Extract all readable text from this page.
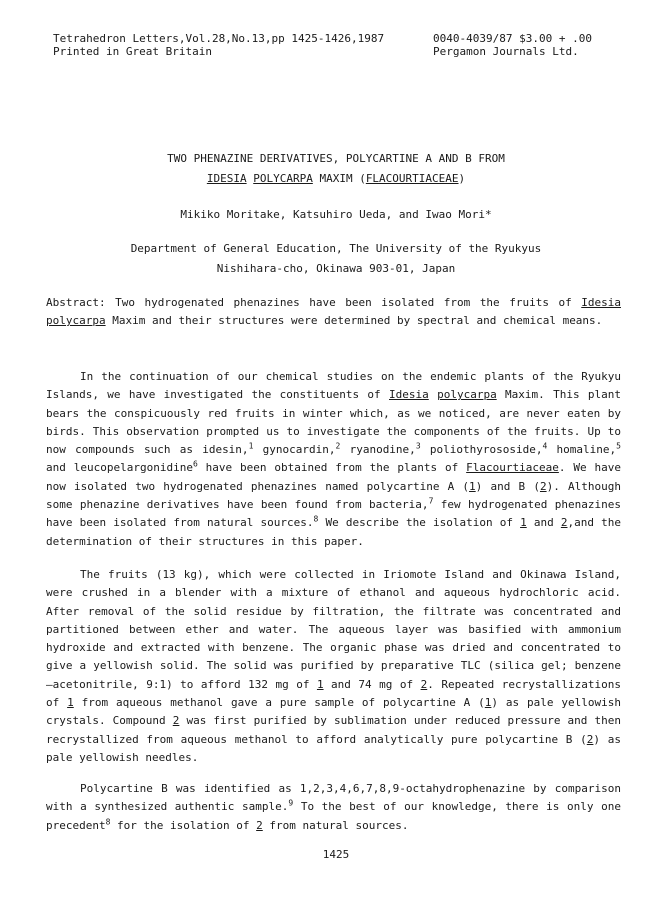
Tetrahedron Letters,Vol.28,No.13,pp 1425-1426,1987
Printed in Great Britain
0040-4039/87 $3.00 + .00
Pergamon Journals Ltd.
TWO PHENAZINE DERIVATIVES, POLYCARTINE A AND B FROM
IDESIA POLYCARPA MAXIM (FLACOURTIACEAE)
Mikiko Moritake, Katsuhiro Ueda, and Iwao Mori*
Department of General Education, The University of the Ryukyus
Nishihara-cho, Okinawa 903-01, Japan
Abstract: Two hydrogenated phenazines have been isolated from the fruits of Idesia polycarpa Maxim and their structures were determined by spectral and chemical means.
In the continuation of our chemical studies on the endemic plants of the Ryukyu Islands, we have investigated the constituents of Idesia polycarpa Maxim. This plant bears the conspicuously red fruits in winter which, as we noticed, are never eaten by birds. This observation prompted us to investigate the components of the fruits. Up to now compounds such as idesin,$^1$ gynocardin,$^2$ ryanodine,$^3$ poliothyrososide,$^4$ homaline,$^5$ and leucopelargonidine$^6$ have been obtained from the plants of Flacourtiaceae. We have now isolated two hydrogenated phenazines named polycartine A (1) and B (2). Although some phenazine derivatives have been found from bacteria,$^7$ few hydrogenated phenazines have been isolated from natural sources.$^8$ We describe the isolation of 1 and 2,and the determination of their structures in this paper.
The fruits (13 kg), which were collected in Iriomote Island and Okinawa Island, were crushed in a blender with a mixture of ethanol and aqueous hydrochloric acid. After removal of the solid residue by filtration, the filtrate was concentrated and partitioned between ether and water. The aqueous layer was basified with ammonium hydroxide and extracted with benzene. The organic phase was dried and concentrated to give a yellowish solid. The solid was purified by preparative TLC (silica gel; benzene—acetonitrile, 9:1) to afford 132 mg of 1 and 74 mg of 2. Repeated recrystallizations of 1 from aqueous methanol gave a pure sample of polycartine A (1) as pale yellowish crystals. Compound 2 was first purified by sublimation under reduced pressure and then recrystallized from aqueous methanol to afford analytically pure polycartine B (2) as pale yellowish needles.
Polycartine B was identified as 1,2,3,4,6,7,8,9-octahydrophenazine by comparison with a synthesized authentic sample.$^9$ To the best of our knowledge, there is only one precedent$^8$ for the isolation of 2 from natural sources.
1425
